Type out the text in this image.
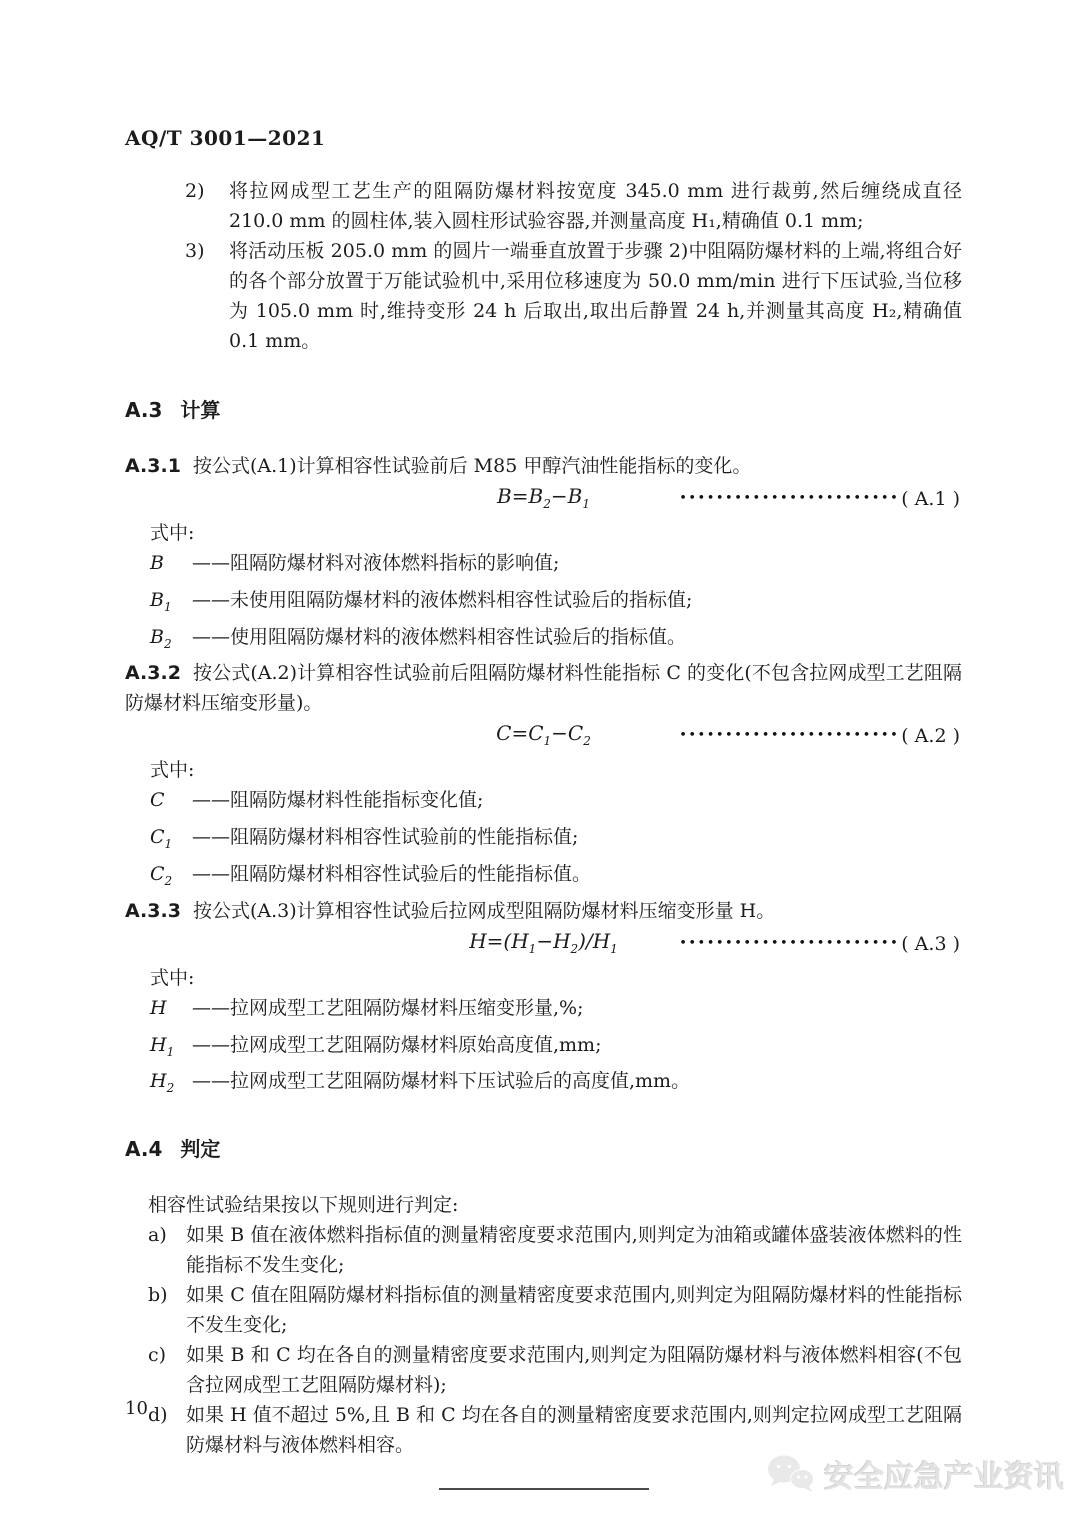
AQ/T 3001—2021
2)	将拉网成型工艺生产的阻隔防爆材料按宽度 345.0 mm 进行裁剪,然后缠绕成直径 210.0 mm 的圆柱体,装入圆柱形试验容器,并测量高度 H₁,精确值 0.1 mm;
3)	将活动压板 205.0 mm 的圆片一端垂直放置于步骤 2)中阻隔防爆材料的上端,将组合好的各个部分放置于万能试验机中,采用位移速度为 50.0 mm/min 进行下压试验,当位移为 105.0 mm 时,维持变形 24 h 后取出,取出后静置 24 h,并测量其高度 H₂,精确值 0.1 mm。
A.3 计算

A.3.1 按公式(A.1)计算相容性试验前后 M85 甲醇汽油性能指标的变化。

$B=B_2-B_1$	•••••••••••••••••••••••• ( A.1 )

式中:

B	——阻隔防爆材料对液体燃料指标的影响值;
$B_1$	——未使用阻隔防爆材料的液体燃料相容性试验后的指标值;
$B_2$	——使用阻隔防爆材料的液体燃料相容性试验后的指标值。

A.3.2 按公式(A.2)计算相容性试验前后阻隔防爆材料性能指标 C 的变化(不包含拉网成型工艺阻隔防爆材料压缩变形量)。

$C=C_1-C_2$	•••••••••••••••••••••••• ( A.2 )

式中:

C	——阻隔防爆材料性能指标变化值;
$C_1$	——阻隔防爆材料相容性试验前的性能指标值;
$C_2$	——阻隔防爆材料相容性试验后的性能指标值。

A.3.3 按公式(A.3)计算相容性试验后拉网成型阻隔防爆材料压缩变形量 H。

$H=(H_1-H_2)/H_1$	•••••••••••••••••••••••• ( A.3 )

式中:

H	——拉网成型工艺阻隔防爆材料压缩变形量,%;
$H_1$ ——拉网成型工艺阻隔防爆材料原始高度值,mm;
$H_2$ ——拉网成型工艺阻隔防爆材料下压试验后的高度值,mm。
A.4 判定

相容性试验结果按以下规则进行判定:

a)	如果 B 值在液体燃料指标值的测量精密度要求范围内,则判定为油箱或罐体盛装液体燃料的性能指标不发生变化;
b) 如果 C 值在阻隔防爆材料指标值的测量精密度要求范围内,则判定为阻隔防爆材料的性能指标不发生变化;
c)	如果 B 和 C 均在各自的测量精密度要求范围内,则判定为阻隔防爆材料与液体燃料相容(不包含拉网成型工艺阻隔防爆材料);
d) 如果 H 值不超过 5%,且 B 和 C 均在各自的测量精密度要求范围内,则判定拉网成型工艺阻隔防爆材料与液体燃料相容。
10
安全应急产业资讯
